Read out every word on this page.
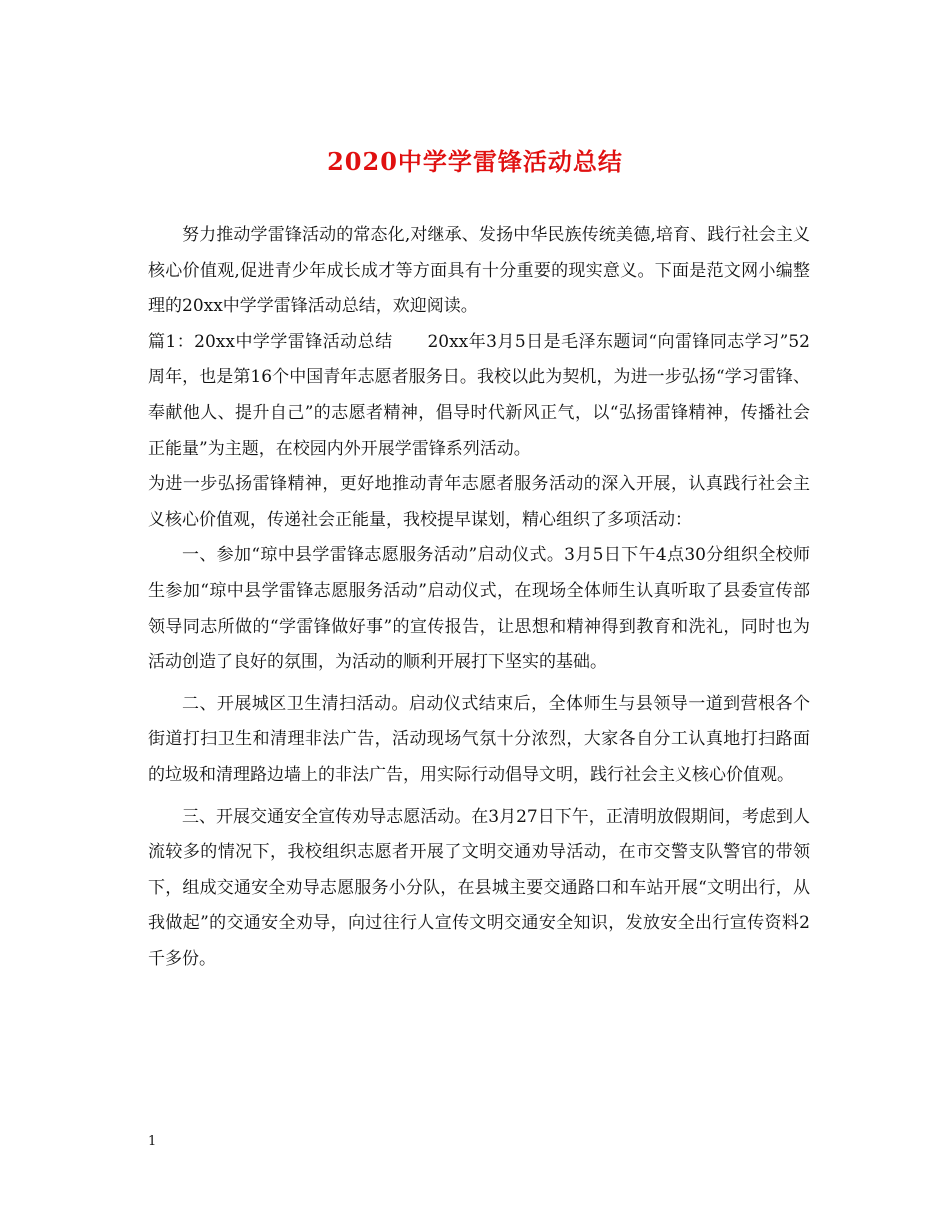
2020中学学雷锋活动总结

努力推动学雷锋活动的常态化,对继承、发扬中华民族传统美德,培育、践行社会主义核心价值观,促进青少年成长成才等方面具有十分重要的现实意义。下面是范文网小编整理的20xx中学学雷锋活动总结，欢迎阅读。

篇1：20xx中学学雷锋活动总结　　20xx年3月5日是毛泽东题词“向雷锋同志学习”52周年，也是第16个中国青年志愿者服务日。我校以此为契机，为进一步弘扬“学习雷锋、奉献他人、提升自己”的志愿者精神，倡导时代新风正气，以“弘扬雷锋精神，传播社会正能量”为主题，在校园内外开展学雷锋系列活动。

为进一步弘扬雷锋精神，更好地推动青年志愿者服务活动的深入开展，认真践行社会主义核心价值观，传递社会正能量，我校提早谋划，精心组织了多项活动：

一、参加“琼中县学雷锋志愿服务活动”启动仪式。3月5日下午4点30分组织全校师生参加“琼中县学雷锋志愿服务活动”启动仪式，在现场全体师生认真听取了县委宣传部领导同志所做的“学雷锋做好事”的宣传报告，让思想和精神得到教育和洗礼，同时也为活动创造了良好的氛围，为活动的顺利开展打下坚实的基础。

二、开展城区卫生清扫活动。启动仪式结束后，全体师生与县领导一道到营根各个街道打扫卫生和清理非法广告，活动现场气氛十分浓烈，大家各自分工认真地打扫路面的垃圾和清理路边墙上的非法广告，用实际行动倡导文明，践行社会主义核心价值观。

三、开展交通安全宣传劝导志愿活动。在3月27日下午，正清明放假期间，考虑到人流较多的情况下，我校组织志愿者开展了文明交通劝导活动，在市交警支队警官的带领下，组成交通安全劝导志愿服务小分队，在县城主要交通路口和车站开展“文明出行，从我做起”的交通安全劝导，向过往行人宣传文明交通安全知识，发放安全出行宣传资料2千多份。

1
